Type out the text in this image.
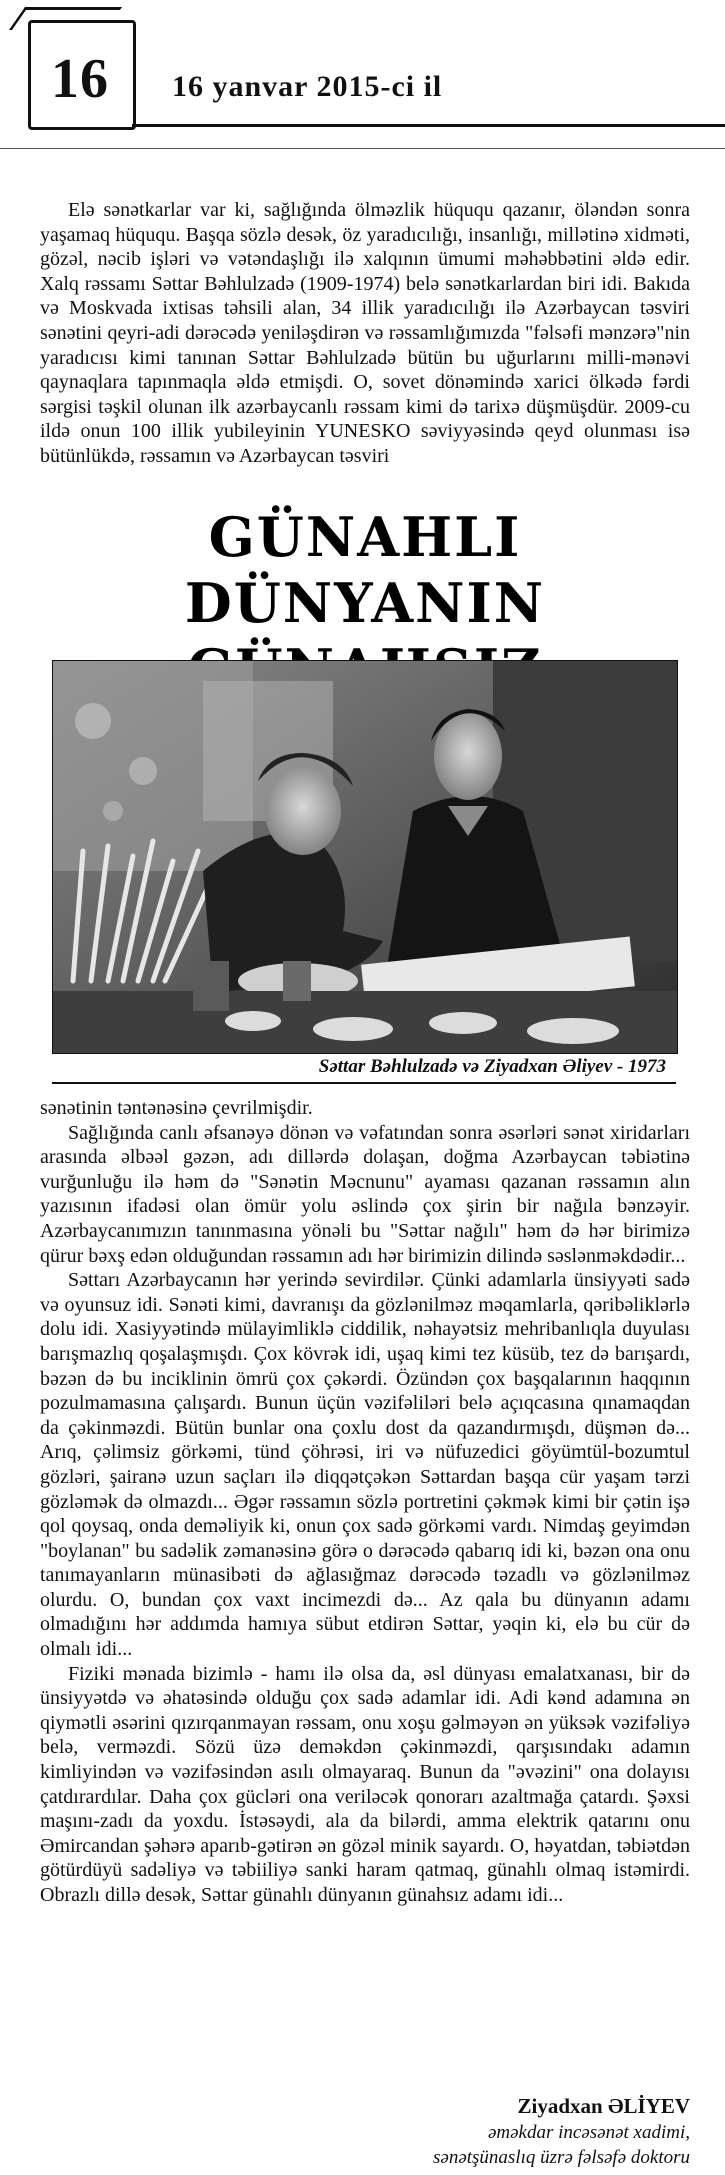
16 16 yanvar 2015-ci il
Elə sənətkarlar var ki, sağlığında ölməzlik hüququ qazanır, öləndən sonra yaşamaq hüququ. Başqa sözlə desək, öz yaradıcılığı, insanlığı, millətinə xidməti, gözəl, nəcib işləri və vətəndaşlığı ilə xalqının ümumi məhəbbətini əldə edir. Xalq rəssamı Səttar Bəhlulzadə (1909-1974) belə sənətkarlardan biri idi. Bakıda və Moskvada ixtisas təhsili alan, 34 illik yaradıcılığı ilə Azərbaycan təsviri sənətini qeyri-adi dərəcədə yeniləşdirən və rəssamlığımızda "fəlsəfi mənzərə"nin yaradıcısı kimi tanınan Səttar Bəhlulzadə bütün bu uğurlarını milli-mənəvi qaynaqlara tapınmaqla əldə etmişdi. O, sovet dönəmində xarici ölkədə fərdi sərgisi təşkil olunan ilk azərbaycanlı rəssam kimi də tarixə düşmüşdür. 2009-cu ildə onun 100 illik yubileyinin YUNESKO səviyyəsində qeyd olunması isə bütünlükdə, rəssamın və Azərbaycan təsviri
GÜNAHLI DÜNYANIN
Səttar Bəhlulzadə və Ziyadxan Əliyev - 1973

sənətinin təntənəsinə çevrilmişdir.

Sağlığında canlı əfsanəyə dönən və vəfatından sonra əsərləri sənət xiridarları arasında əlbəəl gəzən, adı dillərdə dolaşan, doğma Azərbaycan təbiətinə vurğunluğu ilə həm də "Sənətin Məcnunu" ayaması qazanan rəssamın alın yazısının ifadəsi olan ömür yolu əslində çox şirin bir nağıla bənzəyir. Azərbaycanımızın tanınmasına yönəli bu "Səttar nağılı" həm də hər birimizə qürur bəxş edən olduğundan rəssamın adı hər birimizin dilində səslənməkdədir...

Səttarı Azərbaycanın hər yerində sevirdilər. Çünki adamlarla ünsiyyəti sadə və oyunsuz idi. Sənəti kimi, davranışı da gözlənilməz məqamlarla, qəribəliklərlə dolu idi. Xasiyyətində mülayimliklə ciddilik, nəhayətsiz mehribanlıqla duyulası barışmazlıq qoşalaşmışdı. Çox kövrək idi, uşaq kimi tez küsüb, tez də barışardı, bəzən də bu inciklinin ömrü çox çəkərdi. Özündən çox başqalarının haqqının pozulmamasına çalışardı. Bunun üçün vəzifəliləri belə açıqcasına qınamaqdan da çəkinməzdi. Bütün bunlar ona çoxlu dost da qazandırmışdı, düşmən də... Arıq, çəlimsiz görkəmi, tünd çöhrəsi, iri və nüfuzedici göyümtül-bozumtul gözləri, şairanə uzun saçları ilə diqqətçəkən Səttardan başqa cür yaşam tərzi gözləmək də olmazdı... Əgər rəssamın sözlə portretini çəkmək kimi bir çətin işə qol qoysaq, onda deməliyik ki, onun çox sadə görkəmi vardı. Nimdaş geyimdən "boylanan" bu sadəlik zəmanəsinə görə o dərəcədə qabarıq idi ki, bəzən ona onu tanımayanların münasibəti də ağlasığmaz dərəcədə təzadlı və gözlənilməz olurdu. O, bundan çox vaxt incimezdi də... Az qala bu dünyanın adamı olmadığını hər addımda hamıya sübut etdirən Səttar, yəqin ki, elə bu cür də olmalı idi...

Fiziki mənada bizimlə - hamı ilə olsa da, əsl dünyası emalatxanası, bir də ünsiyyətdə və əhatəsində olduğu çox sadə adamlar idi. Adi kənd adamına ən qiymətli əsərini qızırqanmayan rəssam, onu xoşu gəlməyən ən yüksək vəzifəliyə belə, verməzdi. Sözü üzə deməkdən çəkinməzdi, qarşısındakı adamın kimliyindən və vəzifəsindən asılı olmayaraq. Bunun da "əvəzini" ona dolayısı çatdırardılar. Daha çox gücləri ona veriləcək qonorarı azaltmağa çatardı. Şəxsi maşını-zadı da yoxdu. İstəsəydi, ala da bilərdi, amma elektrik qatarını onu Əmircandan şəhərə aparıb-gətirən ən gözəl minik sayardı. O, həyatdan, təbiətdən götürdüyü sadəliyə və təbiiliyə sanki haram qatmaq, günahlı olmaq istəmirdi. Obrazlı dillə desək, Səttar günahlı dünyanın günahsız adamı idi...

Ziyadxan ƏLİYEV
əməkdar incəsənət xadimi,
sənətşünaslıq üzrə fəlsəfə doktoru
